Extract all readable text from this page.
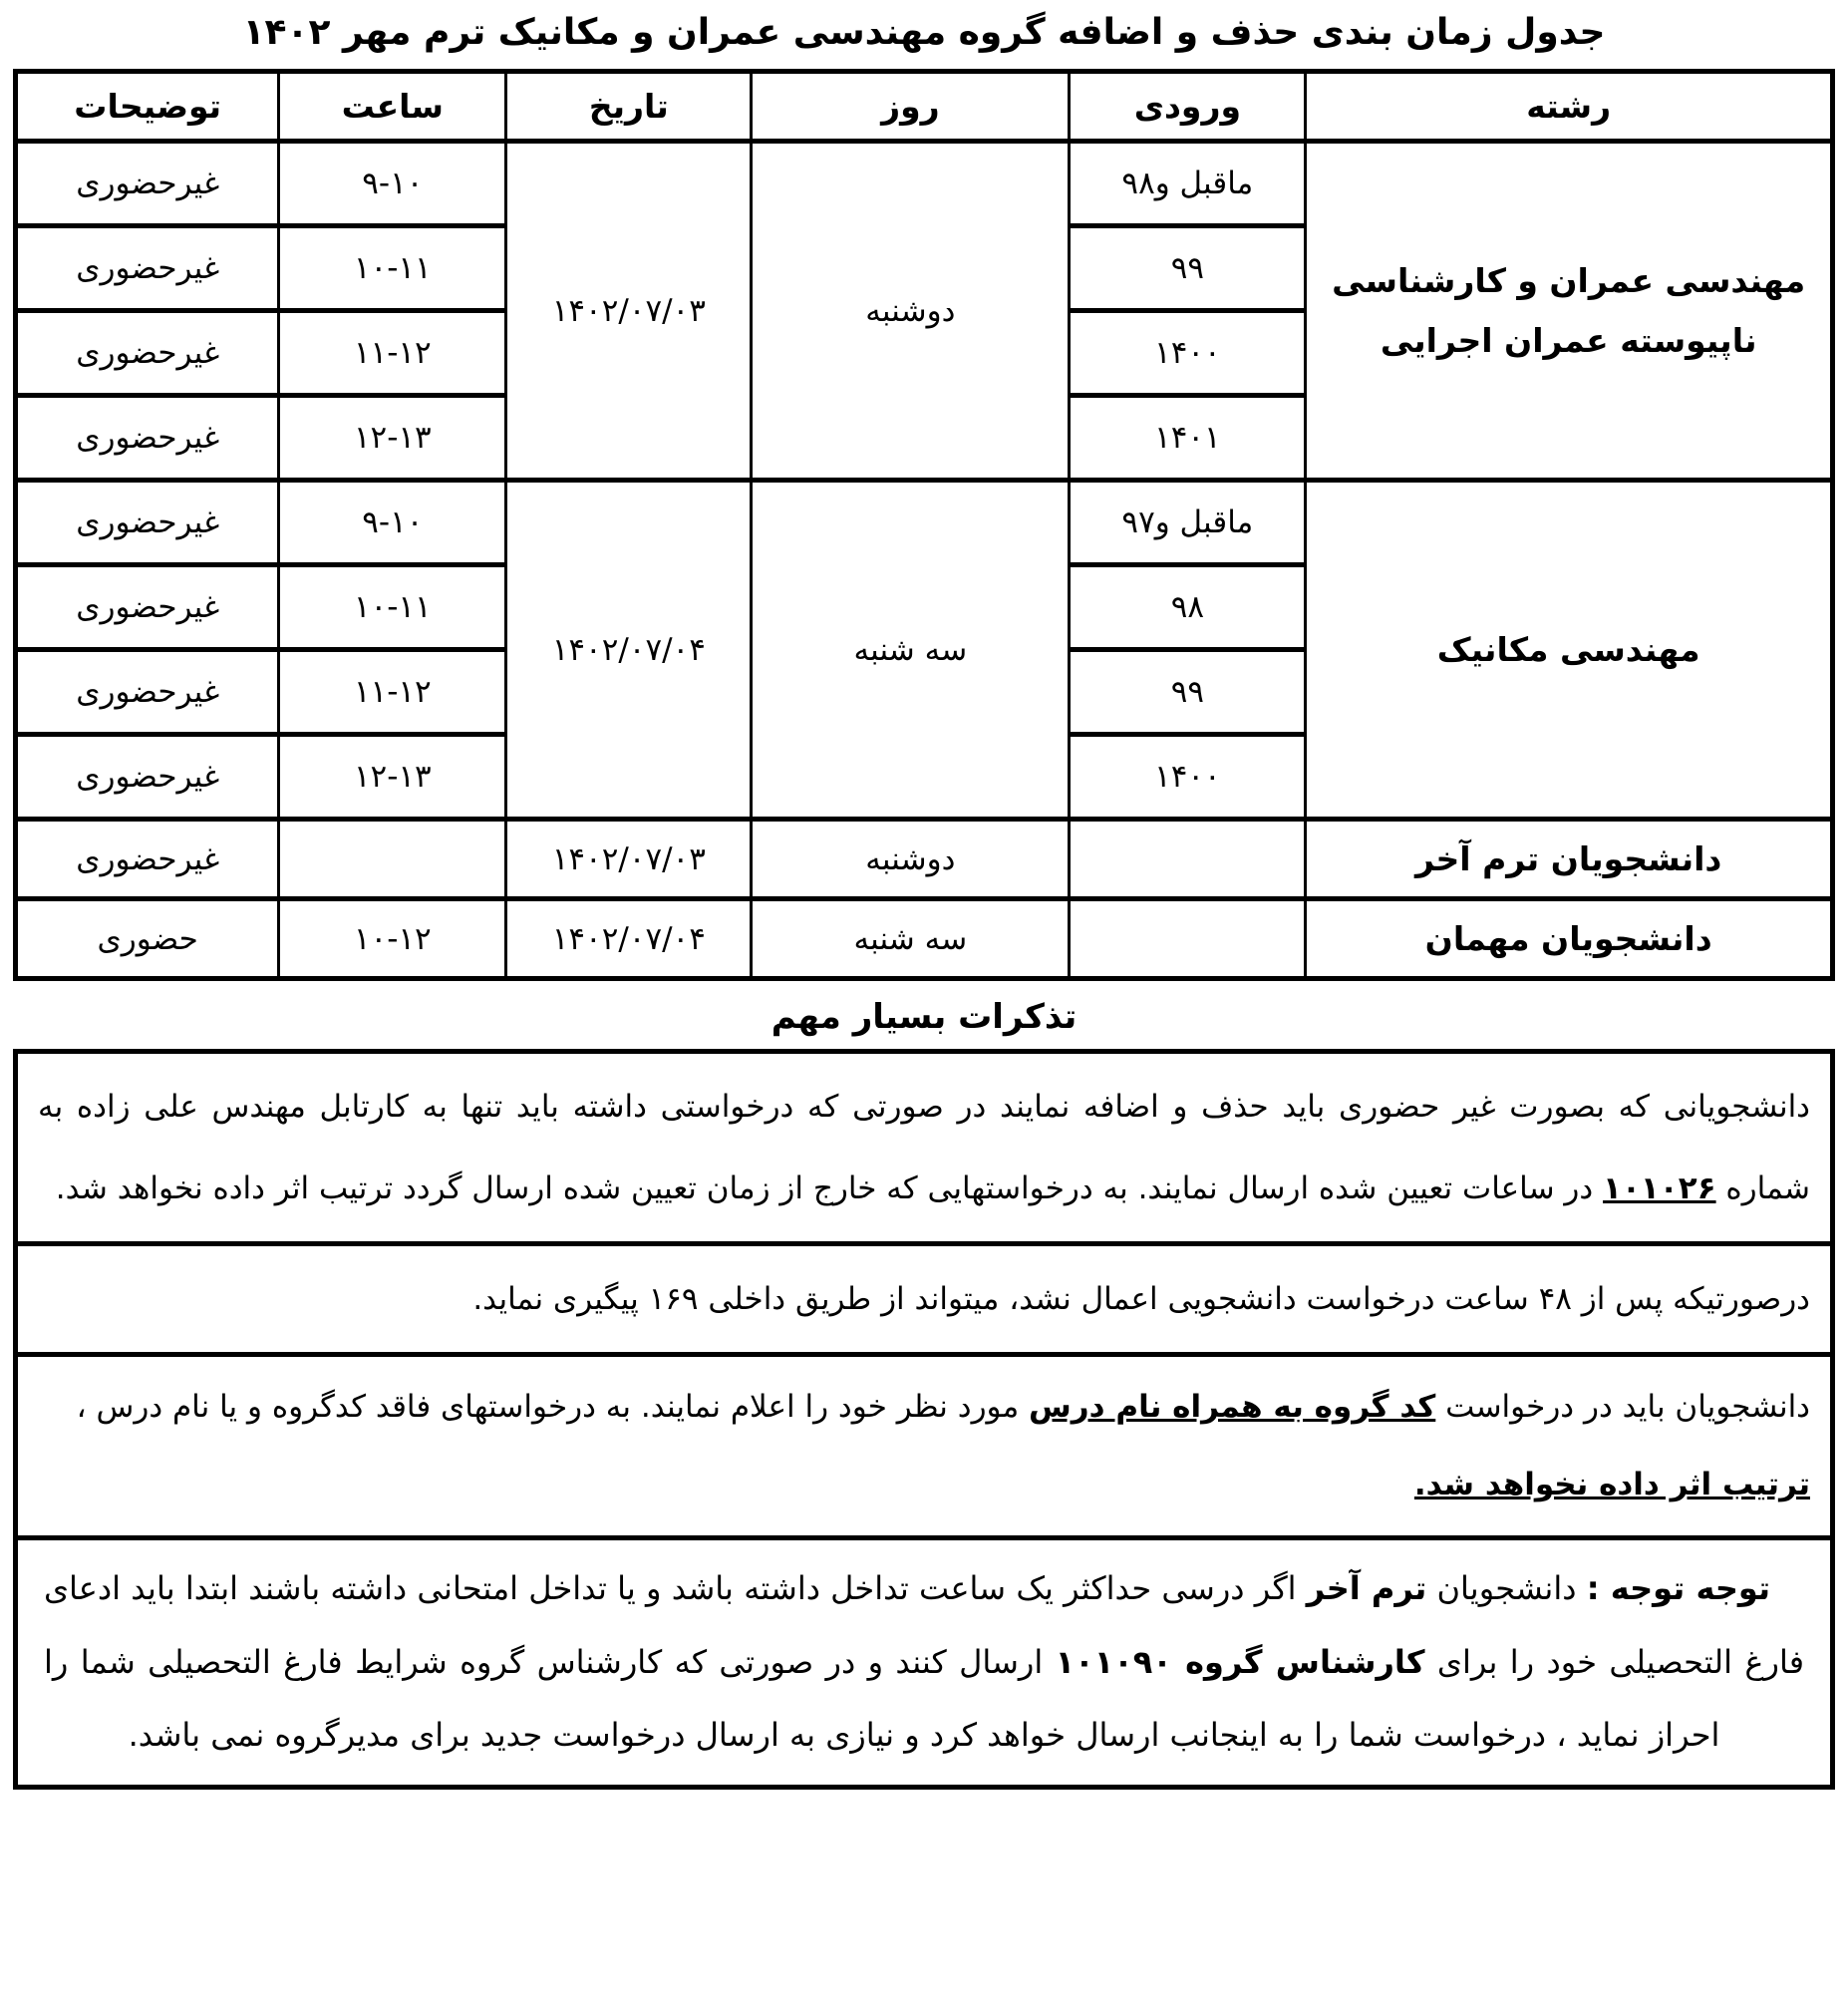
جدول زمان بندی حذف و اضافه گروه مهندسی عمران و مکانیک ترم مهر ۱۴۰۲
رشته	ورودی	روز	تاریخ	ساعت	توضیحات
مهندسی عمران و کارشناسی ناپیوسته عمران اجرایی	ماقبل و۹۸	دوشنبه	۱۴۰۲/۰۷/۰۳	۹-۱۰	غیرحضوری
	۹۹			۱۰-۱۱	غیرحضوری
	۱۴۰۰			۱۱-۱۲	غیرحضوری
	۱۴۰۱			۱۲-۱۳	غیرحضوری
مهندسی مکانیک	ماقبل و۹۷	سه شنبه	۱۴۰۲/۰۷/۰۴	۹-۱۰	غیرحضوری
	۹۸			۱۰-۱۱	غیرحضوری
	۹۹			۱۱-۱۲	غیرحضوری
	۱۴۰۰			۱۲-۱۳	غیرحضوری
دانشجویان ترم آخر		دوشنبه	۱۴۰۲/۰۷/۰۳		غیرحضوری
دانشجویان مهمان		سه شنبه	۱۴۰۲/۰۷/۰۴	۱۰-۱۲	حضوری
تذکرات بسیار مهم

دانشجویانی که بصورت غیر حضوری باید حذف و اضافه نمایند در صورتی که درخواستی داشته باید تنها به کارتابل مهندس علی زاده به شماره ۱۰۱۰۲۶ در ساعات تعیین شده ارسال نمایند. به درخواستهایی که خارج از زمان تعیین شده ارسال گردد ترتیب اثر داده نخواهد شد.

درصورتیکه پس از ۴۸ ساعت درخواست دانشجویی اعمال نشد، میتواند از طریق داخلی ۱۶۹ پیگیری نماید.

دانشجویان باید در درخواست کد گروه به همراه نام درس مورد نظر خود را اعلام نمایند. به درخواستهای فاقد کدگروه و یا نام درس ،
ترتیب اثر داده نخواهد شد.

توجه توجه : دانشجویان ترم آخر اگر درسی حداکثر یک ساعت تداخل داشته باشد و یا تداخل امتحانی داشته باشند ابتدا باید ادعای فارغ التحصیلی خود را برای کارشناس گروه ۱۰۱۰۹۰ ارسال کنند و در صورتی که کارشناس گروه شرایط فارغ التحصیلی شما را احراز نماید ، درخواست شما را به اینجانب ارسال خواهد کرد و نیازی به ارسال درخواست جدید برای مدیرگروه نمی باشد.
